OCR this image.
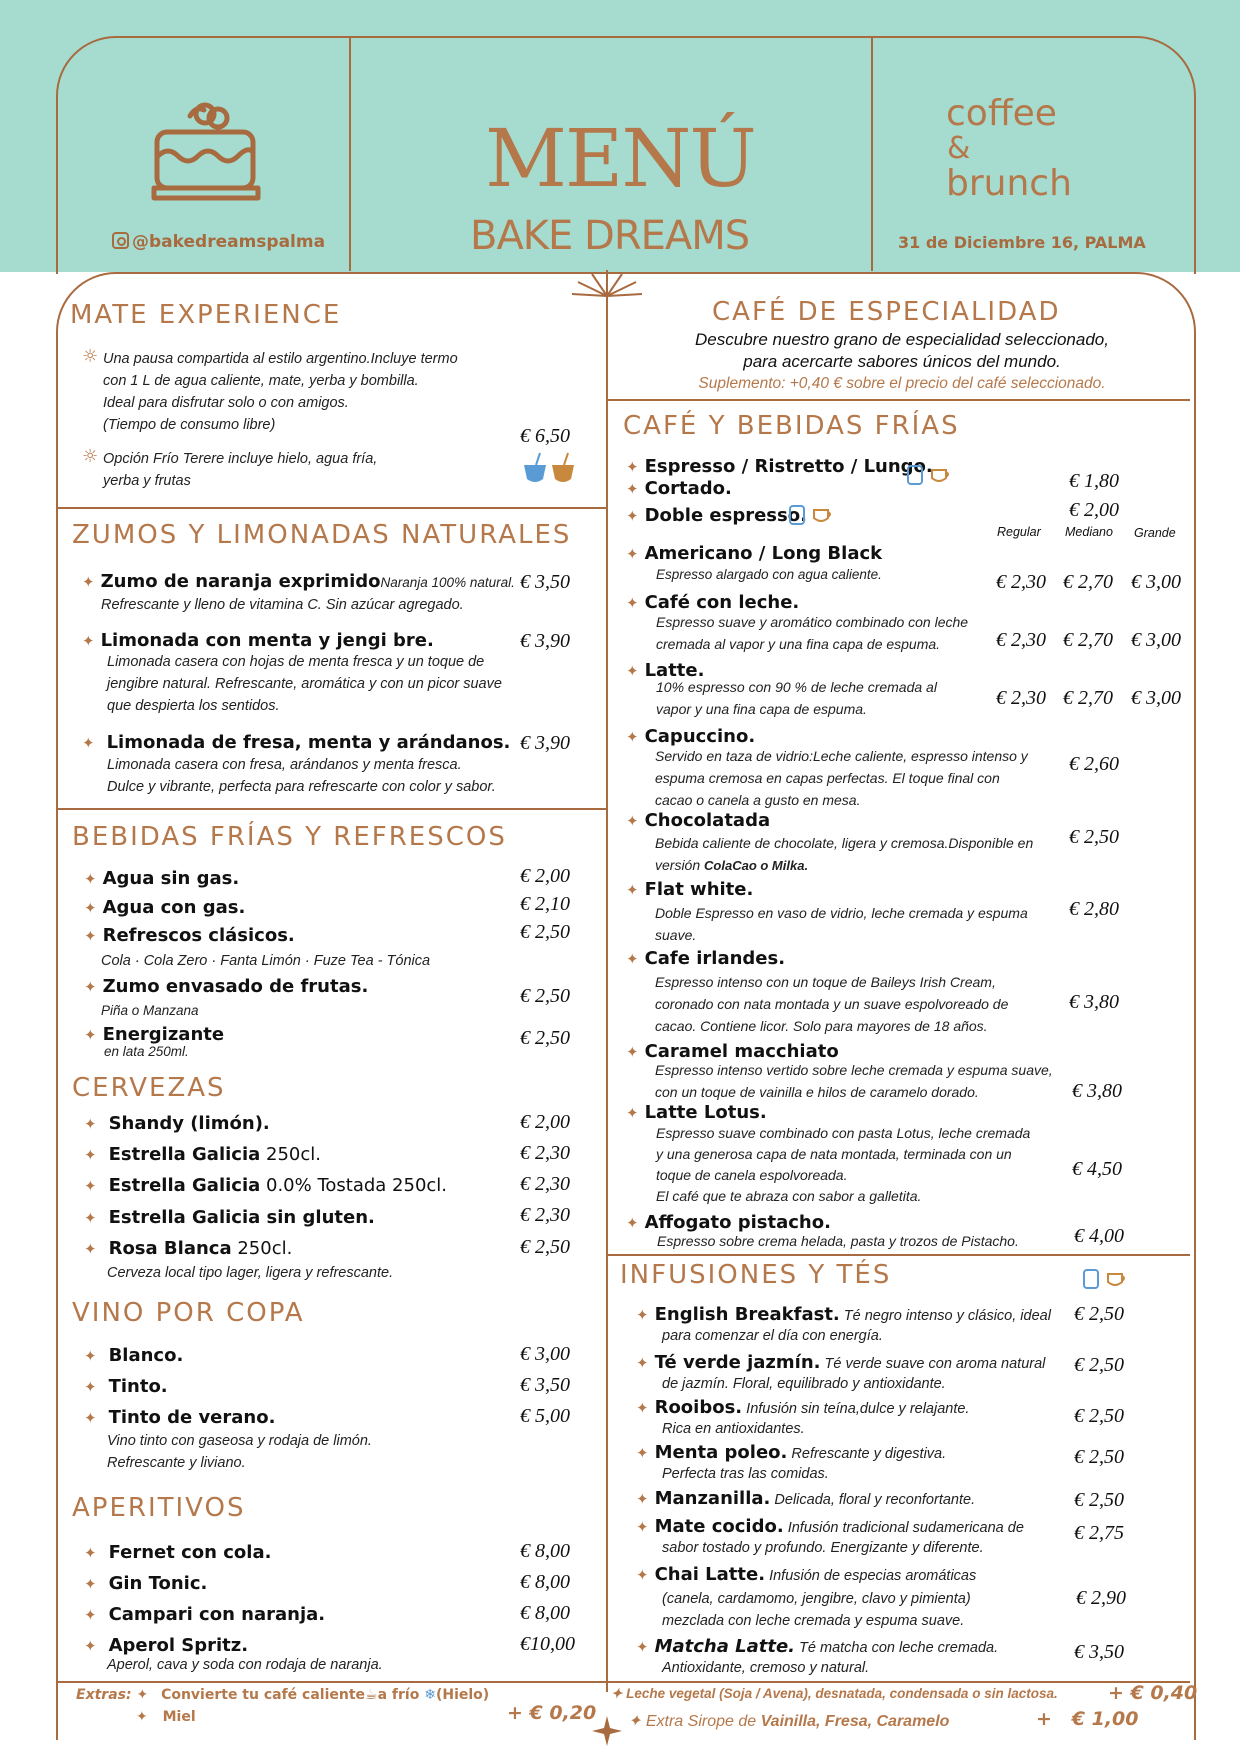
@bakedreamspalma
MENÚ
BAKE DREAMS
coffee
&
brunch
31 de Diciembre 16, PALMA
MATE EXPERIENCE
☼ Una pausa compartida al estilo argentino.Incluye termo
con 1 L de agua caliente, mate, yerba y bombilla.
Ideal para disfrutar solo o con amigos.
(Tiempo de consumo libre)	€ 6,50
☼ Opción Frío Terere incluye hielo, agua fría,
yerba y frutas
ZUMOS Y LIMONADAS NATURALES
✦ Zumo de naranja exprimidoNaranja 100% natural. € 3,50
Refrescante y lleno de vitamina C. Sin azúcar agregado.
✦ Limonada con menta y jengi bre.	€ 3,90
Limonada casera con hojas de menta fresca y un toque de
jengibre natural. Refrescante, aromática y con un picor suave
que despierta los sentidos.
✦ Limonada de fresa, menta y arándanos. € 3,90
Limonada casera con fresa, arándanos y menta fresca.
Dulce y vibrante, perfecta para refrescarte con color y sabor.
BEBIDAS FRÍAS Y REFRESCOS
✦ Agua sin gas.	€ 2,00
✦ Agua con gas.	€ 2,10
✦ Refrescos clásicos.	€ 2,50
Cola · Cola Zero · Fanta Limón · Fuze Tea - Tónica
✦ Zumo envasado de frutas.	€ 2,50
Piña o Manzana
✦ Energizante	€ 2,50
en lata 250ml.
CERVEZAS
✦ Shandy (limón).	€ 2,00
✦ Estrella Galicia 250cl.	€ 2,30
✦ Estrella Galicia 0.0% Tostada 250cl.	€ 2,30
✦ Estrella Galicia sin gluten.	€ 2,30
✦ Rosa Blanca 250cl.	€ 2,50
Cerveza local tipo lager, ligera y refrescante.
VINO POR COPA
✦ Blanco.	€ 3,00
✦ Tinto.	€ 3,50
✦ Tinto de verano.	€ 5,00
Vino tinto con gaseosa y rodaja de limón.
Refrescante y liviano.
APERITIVOS
✦ Fernet con cola.	€ 8,00
✦ Gin Tonic.	€ 8,00
✦ Campari con naranja.	€ 8,00
✦ Aperol Spritz.	€10,00
Aperol, cava y soda con rodaja de naranja.
Extras: ✦ Convierte tu café caliente☕a frío ❄(Hielo)
✦ Miel	+ € 0,20
CAFÉ DE ESPECIALIDAD
Descubre nuestro grano de especialidad seleccionado,
para acercarte sabores únicos del mundo.
Suplemento: +0,40 € sobre el precio del café seleccionado.
CAFÉ Y BEBIDAS FRÍAS
✦ Espresso / Ristretto / Lungo.
✦ Cortado.	€ 1,80
✦ Doble espresso.	€ 2,00
Regular Mediano Grande
✦ Americano / Long Black
Espresso alargado con agua caliente.	€ 2,30 € 2,70 € 3,00
✦ Café con leche.
Espresso suave y aromático combinado con leche
cremada al vapor y una fina capa de espuma.	€ 2,30 € 2,70 € 3,00
✦ Latte.
10% espresso con 90 % de leche cremada al
vapor y una fina capa de espuma.	€ 2,30 € 2,70 € 3,00
✦ Capuccino.
Servido en taza de vidrio:Leche caliente, espresso intenso y
espuma cremosa en capas perfectas. El toque final con
cacao o canela a gusto en mesa.
€ 2,60
✦ Chocolatada
Bebida caliente de chocolate, ligera y cremosa.Disponible en
versión ColaCao o Milka.
€ 2,50
✦ Flat white.
Doble Espresso en vaso de vidrio, leche cremada y espuma
suave.
€ 2,80
✦ Cafe irlandes.
Espresso intenso con un toque de Baileys Irish Cream,
coronado con nata montada y un suave espolvoreado de
cacao. Contiene licor. Solo para mayores de 18 años.
€ 3,80
✦ Caramel macchiato
Espresso intenso vertido sobre leche cremada y espuma suave,
con un toque de vainilla e hilos de caramelo dorado.	€ 3,80
✦ Latte Lotus.
Espresso suave combinado con pasta Lotus, leche cremada
y una generosa capa de nata montada, terminada con un
toque de canela espolvoreada.
El café que te abraza con sabor a galletita.
€ 4,50
✦ Affogato pistacho.
Espresso sobre crema helada, pasta y trozos de Pistacho.	€ 4,00
INFUSIONES Y TÉS
✦ English Breakfast. Té negro intenso y clásico, ideal
para comenzar el día con energía.
€ 2,50
✦ Té verde jazmín. Té verde suave con aroma natural
de jazmín. Floral, equilibrado y antioxidante.
€ 2,50
✦ Rooibos. Infusión sin teína,dulce y relajante.
Rica en antioxidantes.
€ 2,50
✦ Menta poleo. Refrescante y digestiva.
Perfecta tras las comidas.
€ 2,50
✦ Manzanilla. Delicada, floral y reconfortante.	€ 2,50
✦ Mate cocido. Infusión tradicional sudamericana de
sabor tostado y profundo. Energizante y diferente.
€ 2,75
✦ Chai Latte. Infusión de especias aromáticas
(canela, cardamomo, jengibre, clavo y pimienta)
mezclada con leche cremada y espuma suave.
€ 2,90
✦ Matcha Latte. Té matcha con leche cremada.
Antioxidante, cremoso y natural.
€ 3,50
✦ Leche vegetal (Soja / Avena), desnatada, condensada o sin lactosa.	+ € 0,40
✦ Extra Sirope de Vainilla, Fresa, Caramelo	+   € 1,00
